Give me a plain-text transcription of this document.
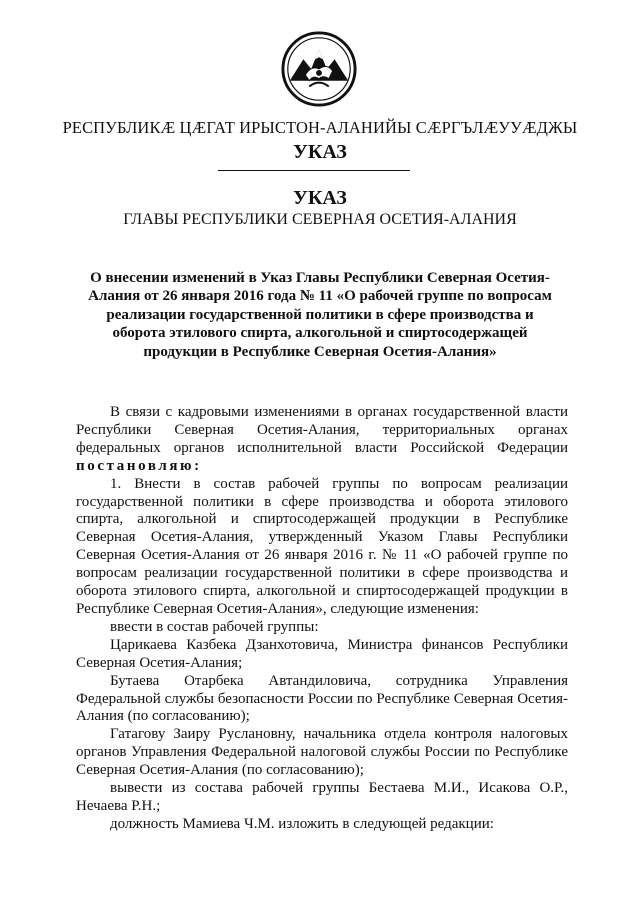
РЕСПУБЛИКӔ ЦӔГАТ ИРЫСТОН-АЛАНИЙЫ СӔРГЪЛӔУУӔДЖЫ
УКАЗ
УКАЗ
ГЛАВЫ РЕСПУБЛИКИ СЕВЕРНАЯ ОСЕТИЯ-АЛАНИЯ
О внесении изменений в Указ Главы Республики Северная Осетия-Алания от 26 января 2016 года № 11 «О рабочей группе по вопросам реализации государственной политики в сфере производства и оборота этилового спирта, алкогольной и спиртосодержащей продукции в Республике Северная Осетия-Алания»

В связи с кадровыми изменениями в органах государственной власти Республики Северная Осетия-Алания, территориальных органах федеральных органов исполнительной власти Российской Федерации постановляю:

1. Внести в состав рабочей группы по вопросам реализации государственной политики в сфере производства и оборота этилового спирта, алкогольной и спиртосодержащей продукции в Республике Северная Осетия-Алания, утвержденный Указом Главы Республики Северная Осетия-Алания от 26 января 2016 г. № 11 «О рабочей группе по вопросам реализации государственной политики в сфере производства и оборота этилового спирта, алкогольной и спиртосодержащей продукции в Республике Северная Осетия-Алания», следующие изменения:

ввести в состав рабочей группы:

Царикаева Казбека Дзанхотовича, Министра финансов Республики Северная Осетия-Алания;

Бутаева Отарбека Автандиловича, сотрудника Управления Федеральной службы безопасности России по Республике Северная Осетия-Алания (по согласованию);

Гатагову Заиру Руслановну, начальника отдела контроля налоговых органов Управления Федеральной налоговой службы России по Республике Северная Осетия-Алания (по согласованию);

вывести из состава рабочей группы Бестаева М.И., Исакова О.Р., Нечаева Р.Н.;

должность Мамиева Ч.М. изложить в следующей редакции:
